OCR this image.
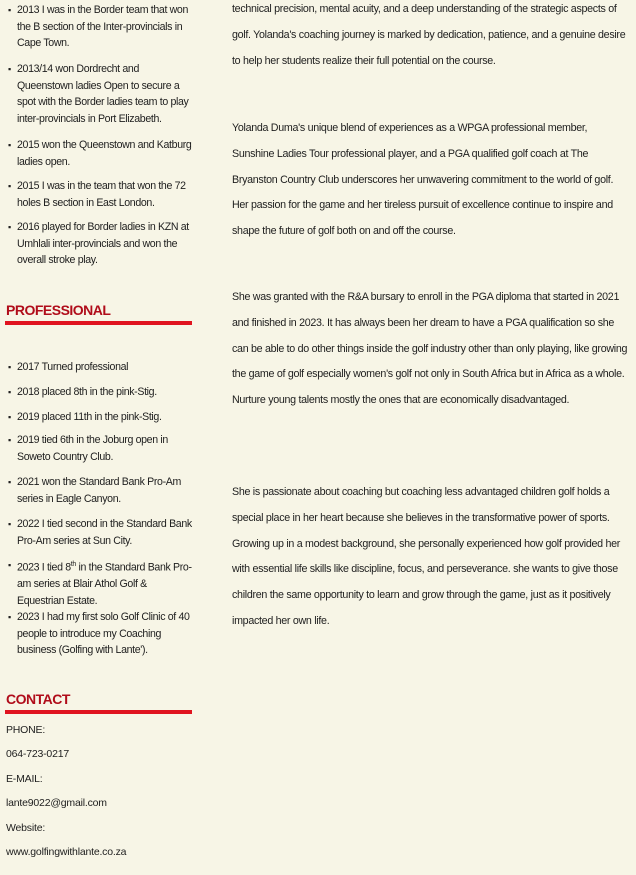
▪ 2013 I was in the Border team that won the B section of the Inter-provincials in Cape Town.
▪ 2013/14 won Dordrecht and Queenstown ladies Open to secure a spot with the Border ladies team to play inter-provincials in Port Elizabeth.
▪ 2015 won the Queenstown and Katburg ladies open.
▪ 2015 I was in the team that won the 72 holes B section in East London.
▪ 2016 played for Border ladies in KZN at Umhlali inter-provincials and won the overall stroke play.
PROFESSIONAL
▪ 2017 Turned professional
▪ 2018 placed 8th in the pink-Stig.
▪ 2019 placed 11th in the pink-Stig.
▪ 2019 tied 6th in the Joburg open in Soweto Country Club.
▪ 2021 won the Standard Bank Pro-Am series in Eagle Canyon.
▪ 2022 I tied second in the Standard Bank Pro-Am series at Sun City.
▪ 2023 I tied 8th in the Standard Bank Pro-am series at Blair Athol Golf & Equestrian Estate.
▪ 2023 I had my first solo Golf Clinic of 40 people to introduce my Coaching business (Golfing with Lante').
CONTACT
PHONE:
064-723-0217
E-MAIL:
lante9022@gmail.com
Website:
www.golfingwithlante.co.za
technical precision, mental acuity, and a deep understanding of the strategic aspects of golf. Yolanda's coaching journey is marked by dedication, patience, and a genuine desire to help her students realize their full potential on the course.
Yolanda Duma's unique blend of experiences as a WPGA professional member, Sunshine Ladies Tour professional player, and a PGA qualified golf coach at The Bryanston Country Club underscores her unwavering commitment to the world of golf. Her passion for the game and her tireless pursuit of excellence continue to inspire and shape the future of golf both on and off the course.
She was granted with the R&A bursary to enroll in the PGA diploma that started in 2021 and finished in 2023. It has always been her dream to have a PGA qualification so she can be able to do other things inside the golf industry other than only playing, like growing the game of golf especially women's golf not only in South Africa but in Africa as a whole. Nurture young talents mostly the ones that are economically disadvantaged.
She is passionate about coaching but coaching less advantaged children golf holds a special place in her heart because she believes in the transformative power of sports. Growing up in a modest background, she personally experienced how golf provided her with essential life skills like discipline, focus, and perseverance. she wants to give those children the same opportunity to learn and grow through the game, just as it positively impacted her own life.
